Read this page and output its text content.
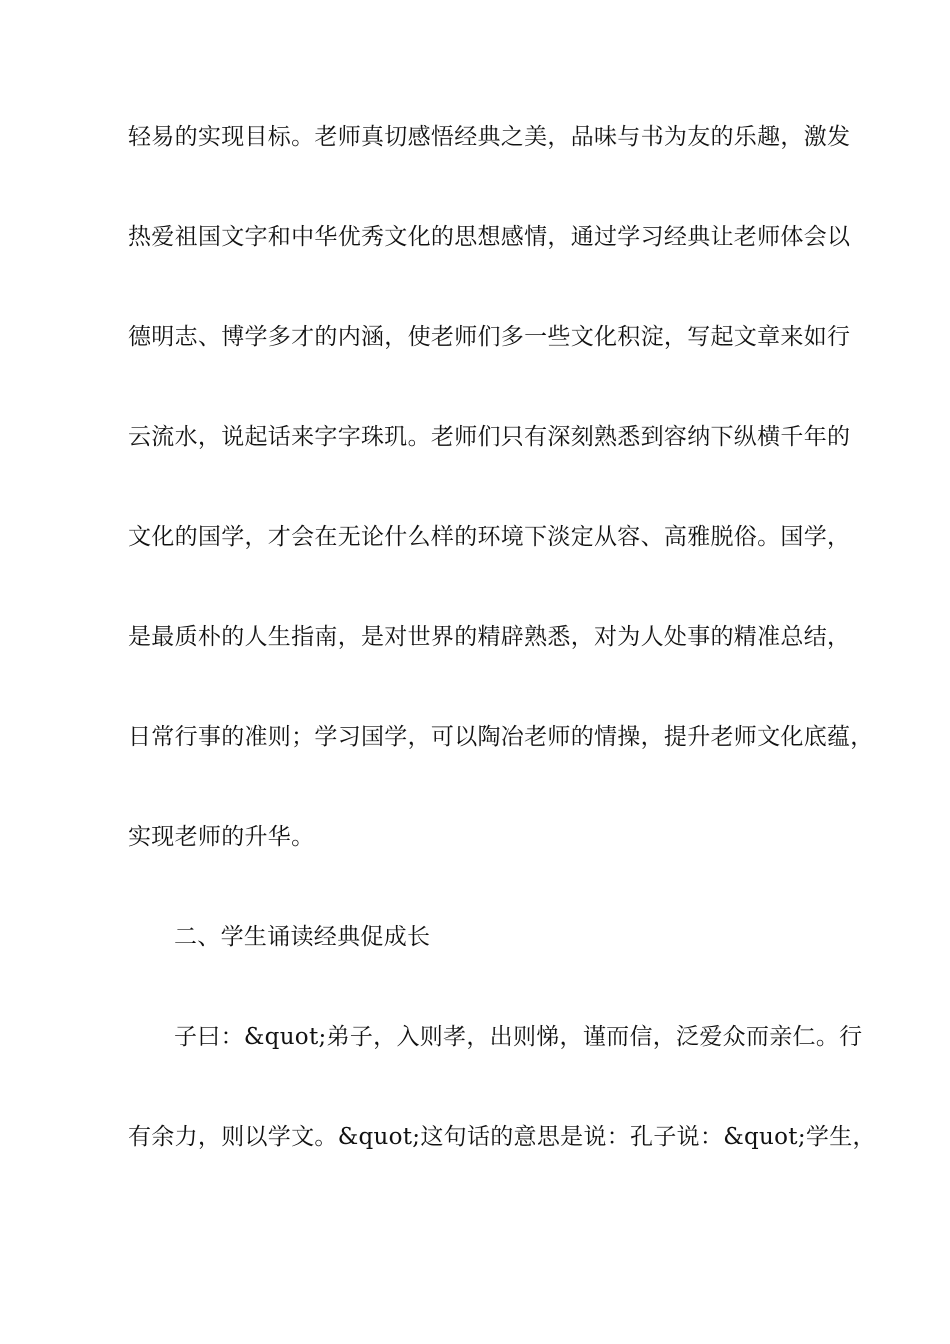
轻易的实现目标。老师真切感悟经典之美，品味与书为友的乐趣，激发
热爱祖国文字和中华优秀文化的思想感情，通过学习经典让老师体会以
德明志、博学多才的内涵，使老师们多一些文化积淀，写起文章来如行
云流水，说起话来字字珠玑。老师们只有深刻熟悉到容纳下纵横千年的
文化的国学，才会在无论什么样的环境下淡定从容、高雅脱俗。国学，
是最质朴的人生指南，是对世界的精辟熟悉，对为人处事的精准总结，
日常行事的准则；学习国学，可以陶冶老师的情操，提升老师文化底蕴，
实现老师的升华。
二、学生诵读经典促成长
子曰：&quot;弟子，入则孝，出则悌，谨而信，泛爱众而亲仁。行
有余力，则以学文。&quot;这句话的意思是说：孔子说：&quot;学生，
